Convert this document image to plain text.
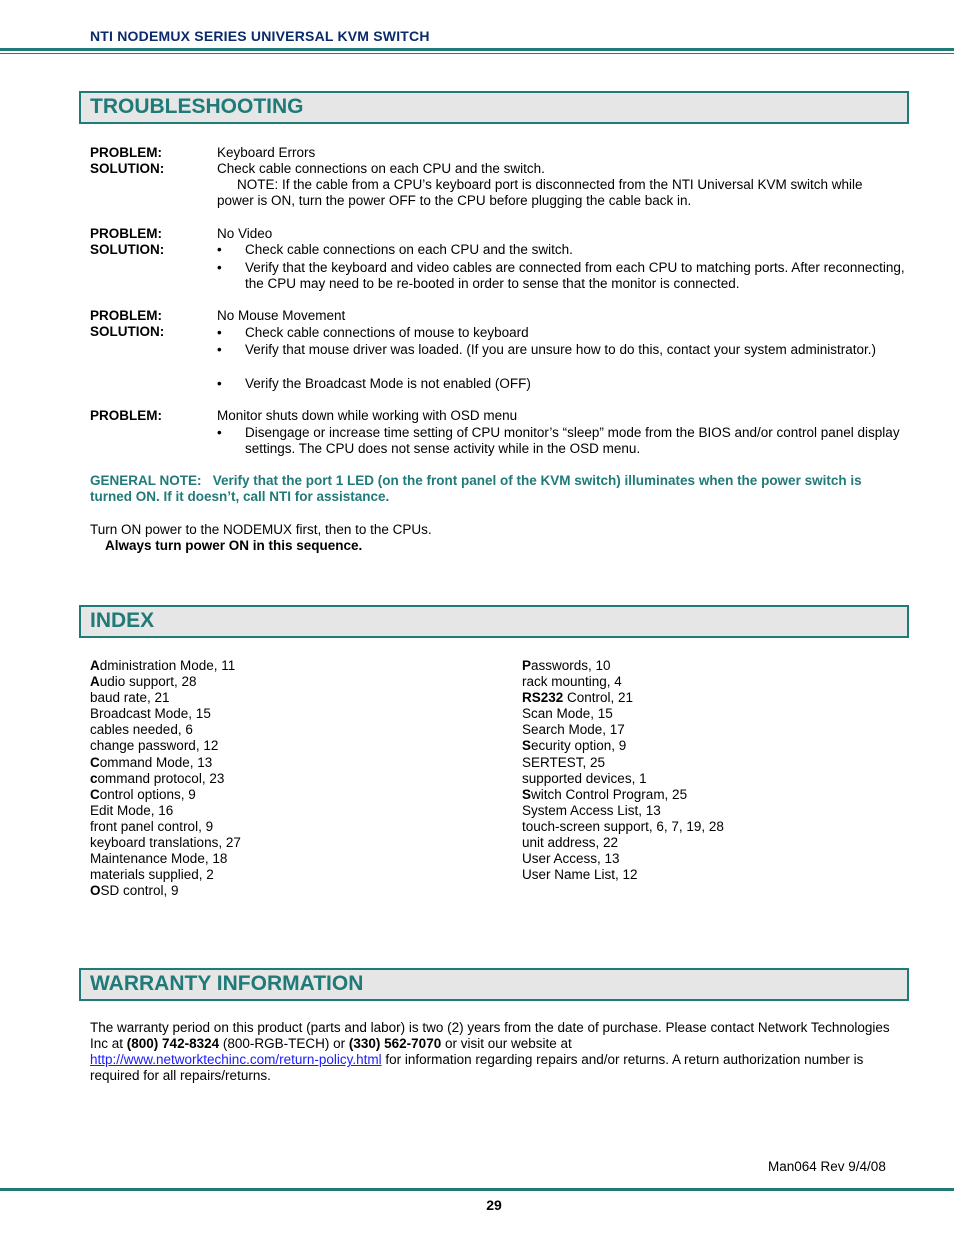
NTI NODEMUX SERIES UNIVERSAL KVM SWITCH
TROUBLESHOOTING
PROBLEM:	Keyboard Errors
SOLUTION:	Check cable connections on each CPU and the switch.
NOTE: If the cable from a CPU’s keyboard port is disconnected from the NTI Universal KVM switch while
power is ON, turn the power OFF to the CPU before plugging the cable back in.
PROBLEM:	No Video
SOLUTION:	• Check cable connections on each CPU and the switch.
• Verify that the keyboard and video cables are connected from each CPU to matching ports. After reconnecting, the CPU may need to be re-booted in order to sense that the monitor is connected.
PROBLEM:	No Mouse Movement
SOLUTION:	• Check cable connections of mouse to keyboard
• Verify that mouse driver was loaded. (If you are unsure how to do this, contact your system administrator.)
• Verify the Broadcast Mode is not enabled (OFF)
PROBLEM:	Monitor shuts down while working with OSD menu
• Disengage or increase time setting of CPU monitor’s “sleep” mode from the BIOS and/or control panel display settings. The CPU does not sense activity while in the OSD menu.
GENERAL NOTE: Verify that the port 1 LED (on the front panel of the KVM switch) illuminates when the power switch is turned ON. If it doesn’t, call NTI for assistance.
Turn ON power to the NODEMUX first, then to the CPUs.
Always turn power ON in this sequence.
INDEX
Administration Mode, 11
Audio support, 28
baud rate, 21
Broadcast Mode, 15
cables needed, 6
change password, 12
Command Mode, 13
command protocol, 23
Control options, 9
Edit Mode, 16
front panel control, 9
keyboard translations, 27
Maintenance Mode, 18
materials supplied, 2
OSD control, 9
Passwords, 10
rack mounting, 4
RS232 Control, 21
Scan Mode, 15
Search Mode, 17
Security option, 9
SERTEST, 25
supported devices, 1
Switch Control Program, 25
System Access List, 13
touch-screen support, 6, 7, 19, 28
unit address, 22
User Access, 13
User Name List, 12
WARRANTY INFORMATION
The warranty period on this product (parts and labor) is two (2) years from the date of purchase. Please contact Network Technologies Inc at (800) 742-8324 (800-RGB-TECH) or (330) 562-7070 or visit our website at
http://www.networktechinc.com/return-policy.html for information regarding repairs and/or returns. A return authorization number is required for all repairs/returns.
Man064 Rev 9/4/08
29
